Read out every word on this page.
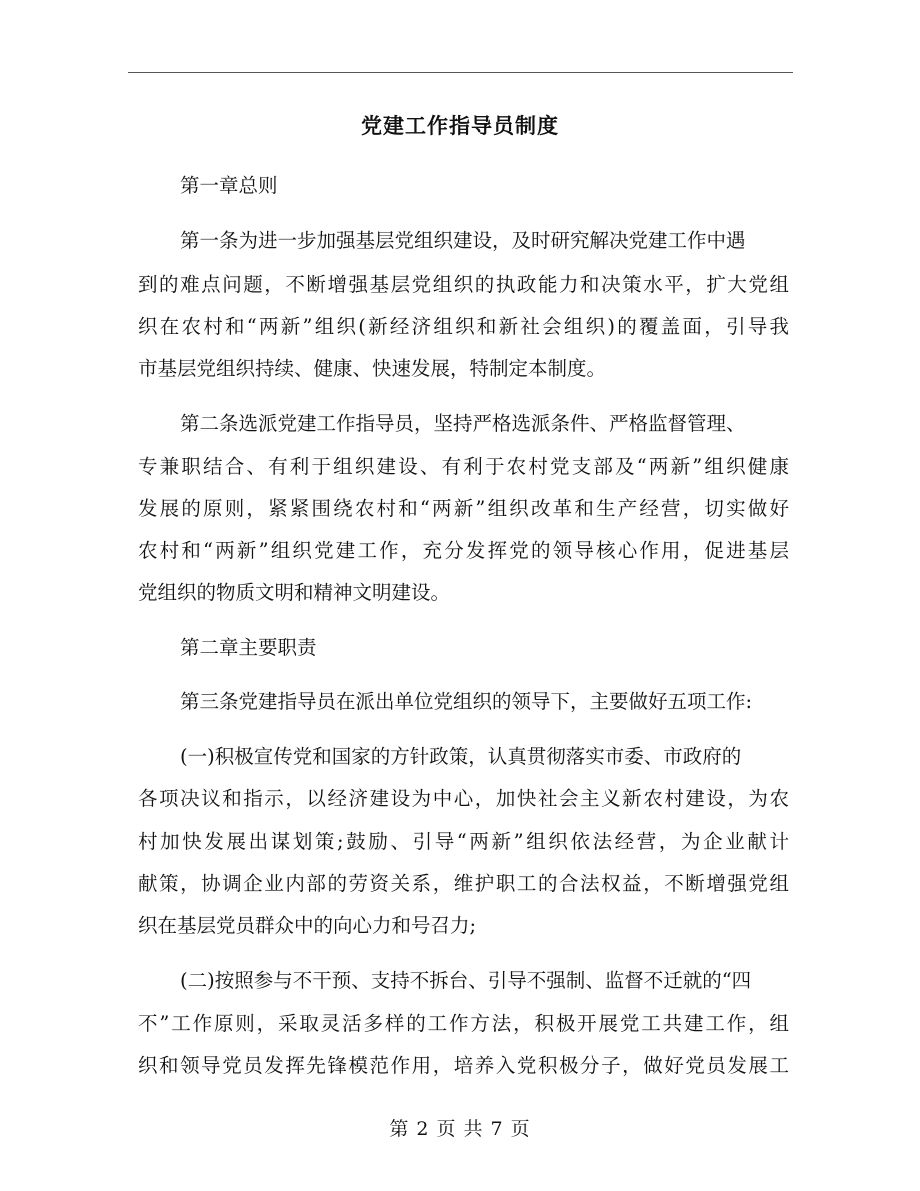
党建工作指导员制度
第一章总则
第一条为进一步加强基层党组织建设，及时研究解决党建工作中遇
到的难点问题，不断增强基层党组织的执政能力和决策水平，扩大党组
织在农村和“两新”组织(新经济组织和新社会组织)的覆盖面，引导我
市基层党组织持续、健康、快速发展，特制定本制度。
第二条选派党建工作指导员，坚持严格选派条件、严格监督管理、
专兼职结合、有利于组织建设、有利于农村党支部及“两新”组织健康
发展的原则，紧紧围绕农村和“两新”组织改革和生产经营，切实做好
农村和“两新”组织党建工作，充分发挥党的领导核心作用，促进基层
党组织的物质文明和精神文明建设。
第二章主要职责
第三条党建指导员在派出单位党组织的领导下，主要做好五项工作:
(一)积极宣传党和国家的方针政策，认真贯彻落实市委、市政府的
各项决议和指示，以经济建设为中心，加快社会主义新农村建设，为农
村加快发展出谋划策;鼓励、引导“两新”组织依法经营，为企业献计
献策，协调企业内部的劳资关系，维护职工的合法权益，不断增强党组
织在基层党员群众中的向心力和号召力;
(二)按照参与不干预、支持不拆台、引导不强制、监督不迁就的“四
不”工作原则，采取灵活多样的工作方法，积极开展党工共建工作，组
织和领导党员发挥先锋模范作用，培养入党积极分子，做好党员发展工
第 2 页 共 7 页
